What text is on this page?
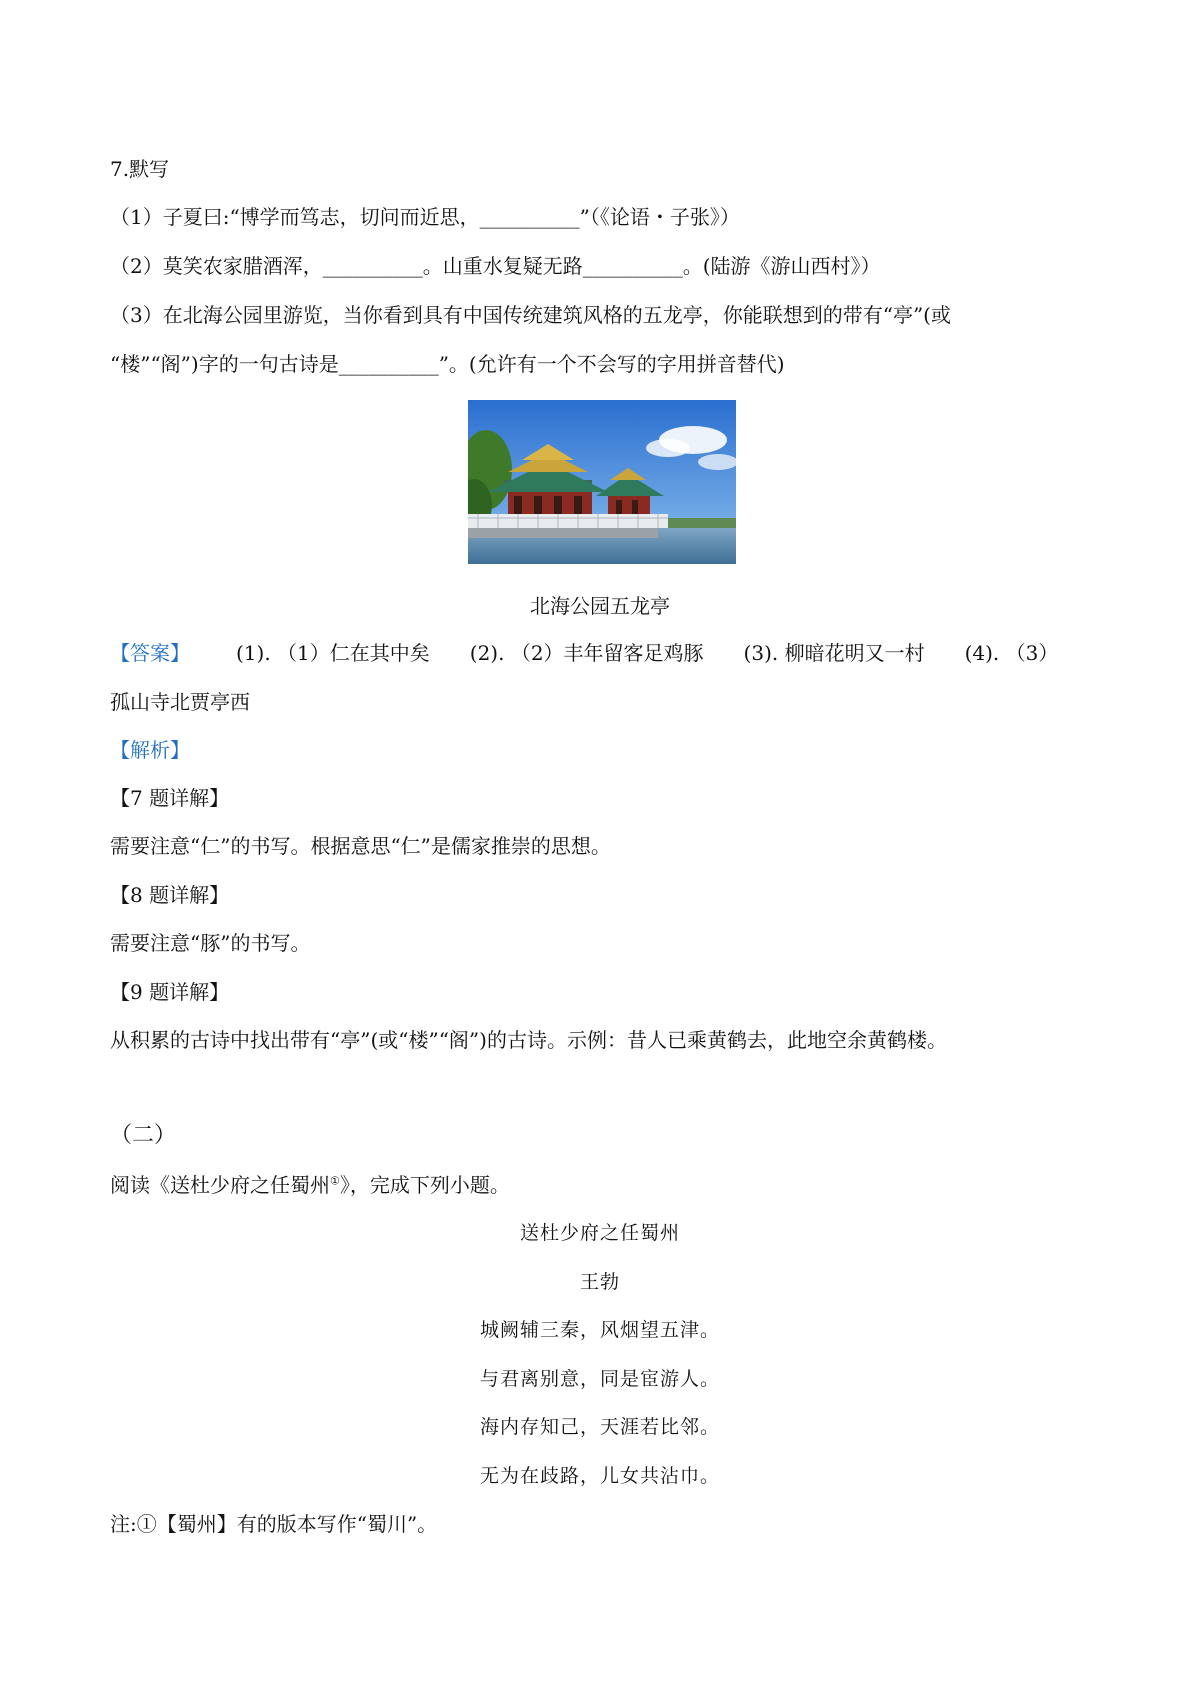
7.默写
（1）子夏曰:“博学而笃志，切问而近思，__________”（《论语・子张》）
（2）莫笑农家腊酒浑，__________。山重水复疑无路__________。(陆游《游山西村》）
（3）在北海公园里游览，当你看到具有中国传统建筑风格的五龙亭，你能联想到的带有“亭”(或
“楼”“阁”)字的一句古诗是__________”。(允许有一个不会写的字用拼音替代)
北海公园五龙亭
【答案】 (1). （1）仁在其中矣　　(2). （2）丰年留客足鸡豚　　(3). 柳暗花明又一村　　(4). （3）
孤山寺北贾亭西
【解析】
【7 题详解】
需要注意“仁”的书写。根据意思“仁”是儒家推崇的思想。
【8 题详解】
需要注意“豚”的书写。
【9 题详解】
从积累的古诗中找出带有“亭”(或“楼”“阁”)的古诗。示例：昔人已乘黄鹤去，此地空余黄鹤楼。
（二）
阅读《送杜少府之任蜀州①》，完成下列小题。
送杜少府之任蜀州
王勃
城阙辅三秦，风烟望五津。
与君离别意，同是宦游人。
海内存知己，天涯若比邻。
无为在歧路，儿女共沾巾。
注:①【蜀州】有的版本写作“蜀川”。
